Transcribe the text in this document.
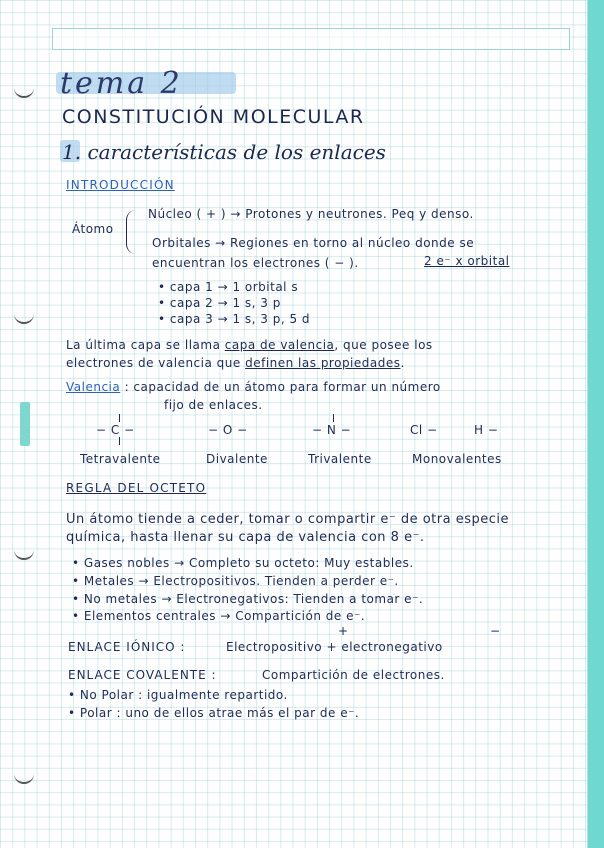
tema 2
CONSTITUCIÓN MOLECULAR
1. características de los enlaces
INTRODUCCIÓN
Átomo
Núcleo ( + ) → Protones y neutrones. Peq y denso.
Orbitales → Regiones en torno al núcleo donde se
encuentran los electrones ( − ).	2 e⁻ x orbital
• capa 1 → 1 orbital s
• capa 2 → 1 s, 3 p
• capa 3 → 1 s, 3 p, 5 d
La última capa se llama capa de valencia, que posee los
electrones de valencia que definen las propiedades.
Valencia : capacidad de un átomo para formar un número
fijo de enlaces.
− C −	− O −	− N −	Cl −	H −
Tetravalente	Divalente	Trivalente	Monovalentes
REGLA DEL OCTETO
Un átomo tiende a ceder, tomar o compartir e⁻ de otra especie
química, hasta llenar su capa de valencia con 8 e⁻.
• Gases nobles → Completo su octeto: Muy estables.
• Metales → Electropositivos. Tienden a perder e⁻.
• No metales → Electronegativos: Tienden a tomar e⁻.
• Elementos centrales → Compartición de e⁻.
ENLACE IÓNICO :	Electropositivo + electronegativo
+	−
ENLACE COVALENTE :	Compartición de electrones.
• No Polar : igualmente repartido.
• Polar : uno de ellos atrae más el par de e⁻.
